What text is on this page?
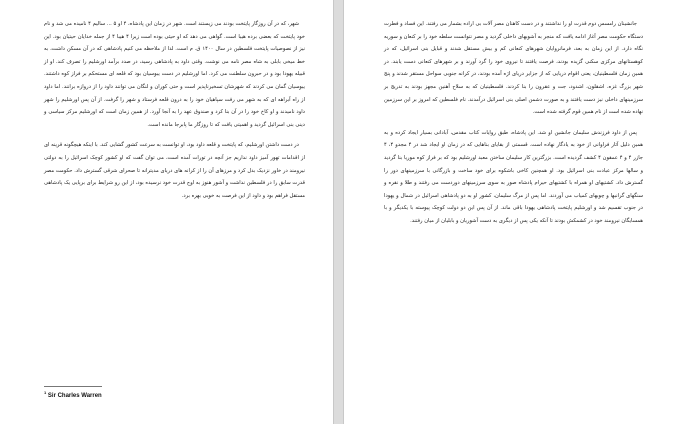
شهر، که در آن روزگار پایتخت بودند می زیستند است. شهر در زمان این پادشاه، ۴ او ۵ ... سالیم ۴ نامیده می شد و نام خود پایتخت که بعضی برده هیبا است. گواهی می دهد که او حیثی بوده است زیرا ۴ هیبا ۴ از جمله خدایان حیتیان بود. این نیز از نصوصیات پایتخت فلسطین در سال ۱۴۰۰ ق. م است. لذا از ملاحظه می کنیم پادشاهی که در آن مسکن داشت، به خط میخی بابلی به شاه مصر نامه می نوشت. وقتی داود به پادشاهی رسید، در صدد برآمد اورشلیم را تصرف کند. او از قبیله یهودا بود و در حبرون سلطنت می کرد. اما اورشلیم در دست یبوسیان بود که قلعه ای مستحکم بر فراز کوه داشتند. یبوسیان گمان می کردند که شهرشان تسخیرناپذیر است و حتی کوران و لنگان می توانند داود را از دروازه برانند. اما داود از راه آبراهه ای که به شهر می رفت سپاهیان خود را به درون قلعه فرستاد و شهر را گرفت. از آن پس اورشلیم را شهر داود نامیدند و او کاخ خود را در آن بنا کرد و صندوق عهد را به آنجا آورد. از همین زمان است که اورشلیم مرکز سیاسی و دینی بنی اسرائیل گردید و اهمیتی یافت که تا روزگار ما پابرجا مانده است.

در دست داشتن اورشلیم، که پایتخت و قلعه داود بود، او توانست به سرعت کشور گشایی کند. با اینکه هیچگونه قرینه ای از اقدامات تهور آمیز داود نداریم جز آنچه در تورات آمده است، می توان گفت که او کشور کوچک اسرائیل را به دولتی نیرومند در خاور نزدیک بدل کرد و مرزهای آن را از کرانه های دریای مدیترانه تا صحرای شرقی گسترش داد. حکومت مصر قدرت سابق را در فلسطین نداشت و آشور هنوز به اوج قدرت خود نرسیده بود، از این رو شرایط برای برپایی یک پادشاهی مستقل فراهم بود و داود از این فرصت به خوبی بهره برد.

$^1$ Sir Charles Warren

جانشینان رامسس دوم قدرت او را نداشتند و در دست کاهنان مصر آلات بی اراده بشمار می رفتند. این فساد و فطرت دستگاه حکومت مصر آغاز ادامه یافت که منجر به آشوبهای داخلی گردید و مصر نتوانست سلطه خود را بر کنعان و سوریه نگاه دارد. از این زمان به بعد، فرمانروایان شهرهای کنعانی کم و بیش مستقل شدند و قبایل بنی اسرائیل، که در کوهستانهای مرکزی سکنی گزیده بودند، فرصت یافتند تا نیروی خود را گرد آورند و بر شهرهای کنعانی دست یابند. در همین زمان فلسطینیان، یعنی اقوام دریایی که از جزایر دریای اژه آمده بودند، در کرانه جنوبی سواحل مستقر شدند و پنج شهر بزرگ غزه، اشقلون، اشدود، جت و عقرون را بنا کردند. فلسطینیان که به سلاح آهنین مجهز بودند به تدریج بر سرزمینهای داخلی نیز دست یافتند و به صورت دشمن اصلی بنی اسرائیل درآمدند. نام فلسطین که امروز بر این سرزمین نهاده شده است از نام همین قوم گرفته شده است.

پس از داود فرزندش سلیمان جانشین او شد. این پادشاه، طبق روایات کتاب مقدس، آبادانی بسیار ایجاد کرده و به همین دلیل آثار فراوانی از خود به یادگار نهاده است. قسمتی از بقایای بناهایی که در زمان او ایجاد شد در ۴ مجدو ۴، ۴ جازر ۴ و ۴ عمقون ۴ کشف گردیده است. بزرگترین کار سلیمان ساختن معبد اورشلیم بود که بر فراز کوه موریا بنا گردید و سالها مرکز عبادت بنی اسرائیل بود. او همچنین کاخی باشکوه برای خود ساخت و بازرگانی با سرزمینهای دور را گسترش داد. کشتیهای او همراه با کشتیهای حیرام پادشاه صور به سوی سرزمینهای دوردست می رفتند و طلا و نقره و سنگهای گرانبها و چوبهای کمیاب می آوردند. اما پس از مرگ سلیمان، کشور او به دو پادشاهی اسرائیل در شمال و یهودا در جنوب تقسیم شد و اورشلیم پایتخت پادشاهی یهودا باقی ماند. از آن پس این دو دولت کوچک پیوسته با یکدیگر و با همسایگان نیرومند خود در کشمکش بودند تا آنکه یکی پس از دیگری به دست آشوریان و بابلیان از میان رفتند.
